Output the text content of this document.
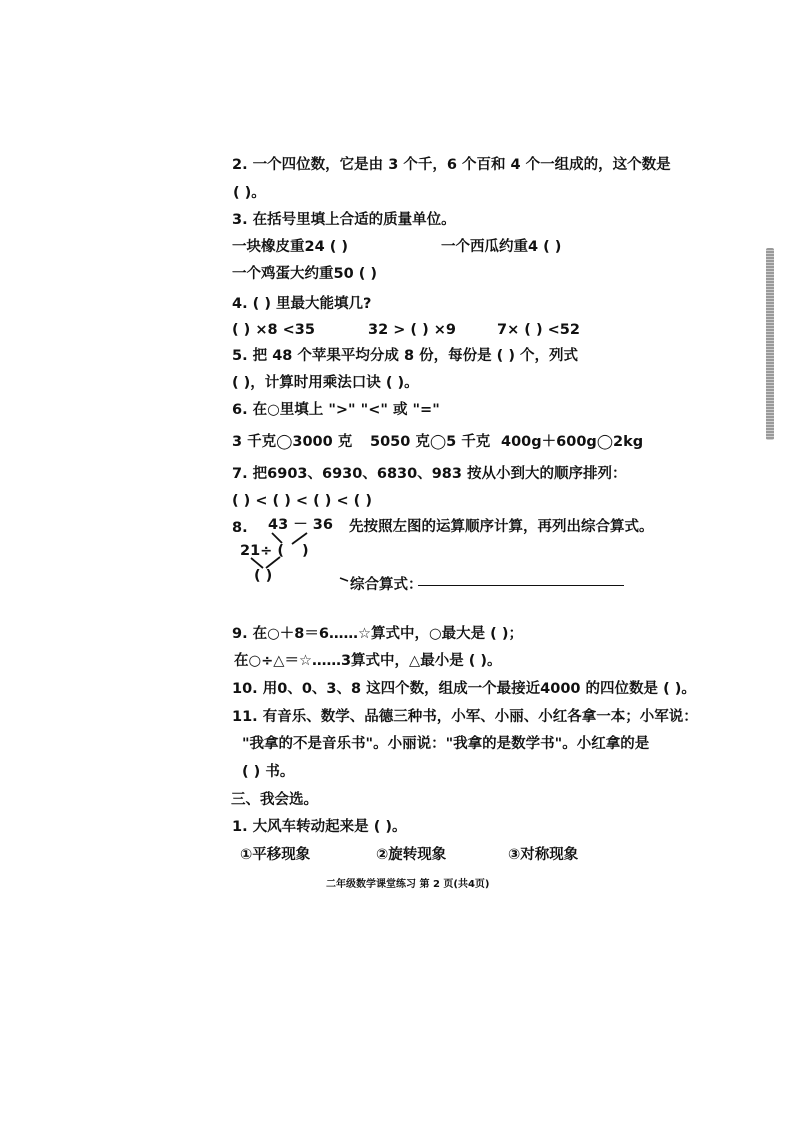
2. 一个四位数，它是由 3 个千，6 个百和 4 个一组成的，这个数是
( )。
3. 在括号里填上合适的质量单位。
一块橡皮重24 ( )	一个西瓜约重4 ( )
一个鸡蛋大约重50 ( )
4. ( ) 里最大能填几?
( ) ×8 <35	32 > ( ) ×9	7× ( ) <52
5. 把 48 个苹果平均分成 8 份，每份是 ( ) 个，列式
( )，计算时用乘法口诀 ( )。
6. 在○里填上 ">" "<" 或 "="
3 千克◯3000 克 5050 克◯5 千克 400g＋600g◯2kg
7. 把6903、6930、6830、983 按从小到大的顺序排列：
( ) < ( ) < ( ) < ( )
8. 43 － 36 先按照左图的运算顺序计算，再列出综合算式。
21÷ ( )
( )
综合算式：
9. 在○＋8＝6……☆算式中，○最大是 ( )；
在○÷△＝☆……3算式中，△最小是 ( )。
10. 用0、0、3、8 这四个数，组成一个最接近4000 的四位数是 ( )。
11. 有音乐、数学、品德三种书，小军、小丽、小红各拿一本；小军说：
"我拿的不是音乐书"。小丽说："我拿的是数学书"。小红拿的是
( ) 书。
三、我会选。
1. 大风车转动起来是 ( )。
①平移现象	②旋转现象	③对称现象
二年级数学课堂练习 第 2 页(共4页)
